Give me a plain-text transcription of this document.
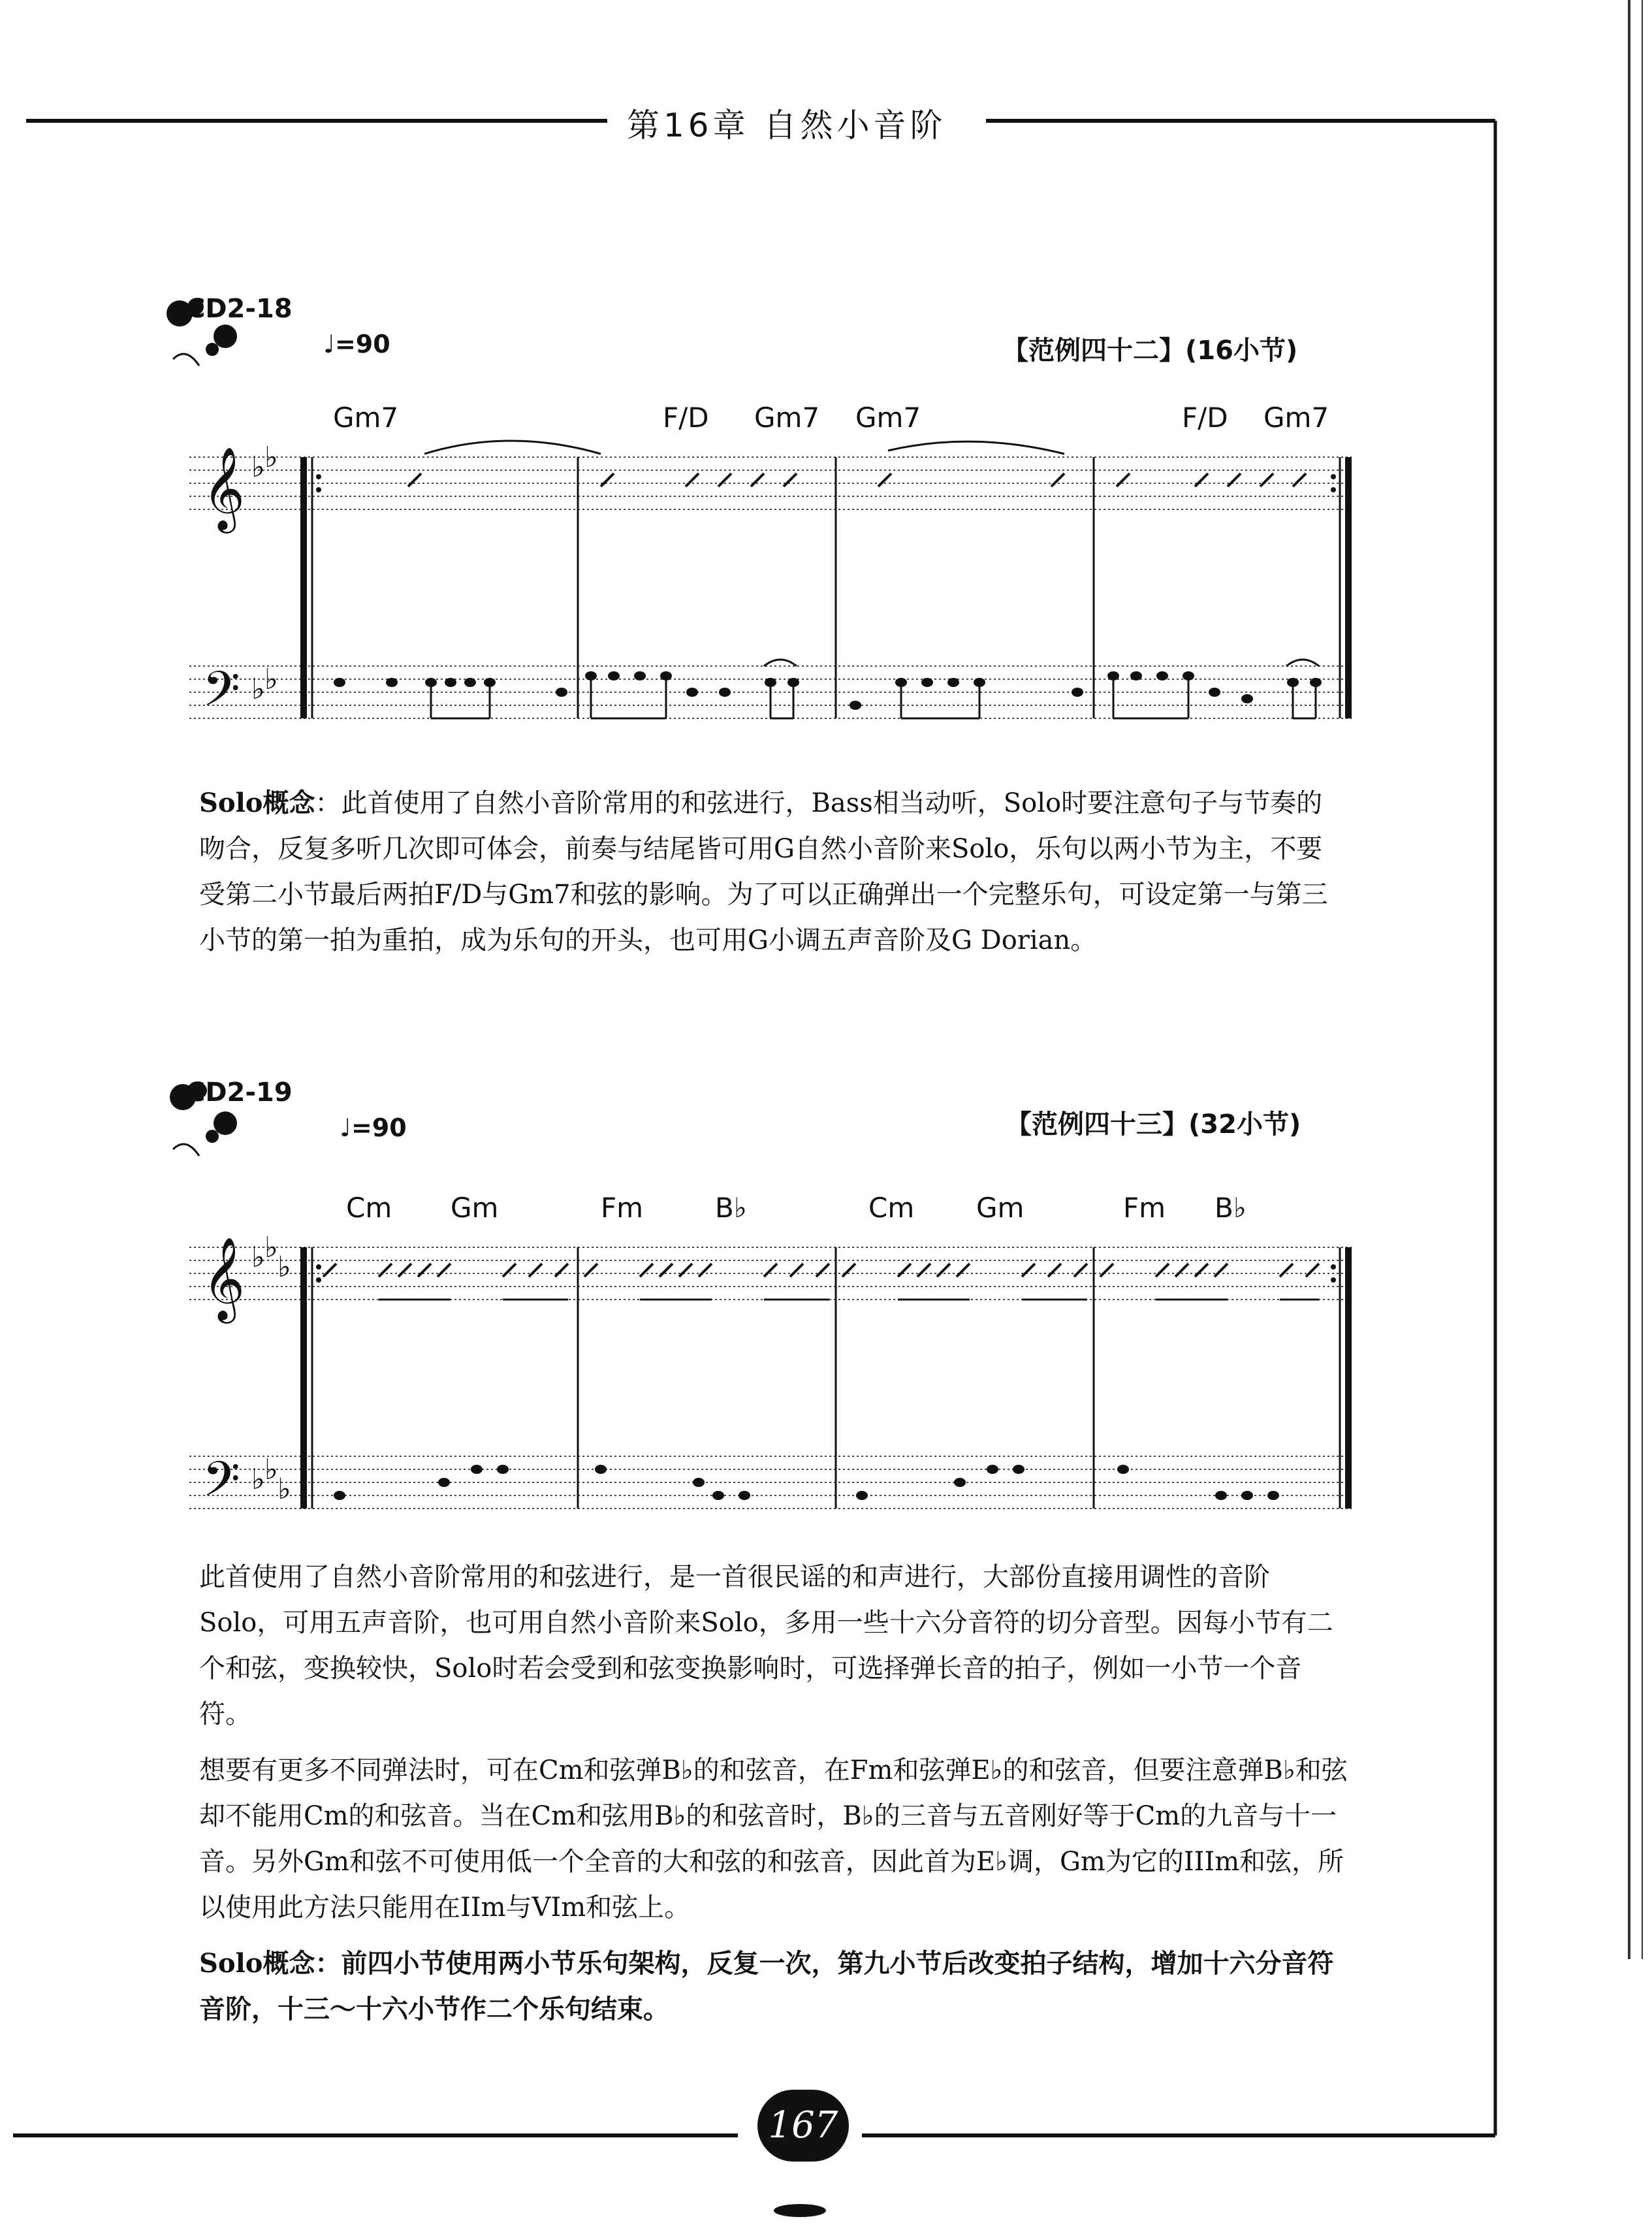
第16章 自然小音阶
CD2-18
♩=90	【范例四十二】(16小节)
Gm7	F/D Gm7 Gm7	F/D Gm7
𝄞 ♭ ♭
𝄢 ♭ ♭

Solo概念：此首使用了自然小音阶常用的和弦进行，Bass相当动听，Solo时要注意句子与节奏的吻合，反复多听几次即可体会，前奏与结尾皆可用G自然小音阶来Solo，乐句以两小节为主，不要受第二小节最后两拍F/D与Gm7和弦的影响。为了可以正确弹出一个完整乐句，可设定第一与第三小节的第一拍为重拍，成为乐句的开头，也可用G小调五声音阶及G Dorian。

CD2-19
♩=90	【范例四十三】(32小节)
Cm Gm	Fm	B♭	Cm Gm	Fm B♭
𝄞 ♭ ♭
♭
𝄢 ♭ ♭
♭

此首使用了自然小音阶常用的和弦进行，是一首很民谣的和声进行，大部份直接用调性的音阶Solo，可用五声音阶，也可用自然小音阶来Solo，多用一些十六分音符的切分音型。因每小节有二个和弦，变换较快，Solo时若会受到和弦变换影响时，可选择弹长音的拍子，例如一小节一个音符。

想要有更多不同弹法时，可在Cm和弦弹B♭的和弦音，在Fm和弦弹E♭的和弦音，但要注意弹B♭和弦却不能用Cm的和弦音。当在Cm和弦用B♭的和弦音时，B♭的三音与五音刚好等于Cm的九音与十一音。另外Gm和弦不可使用低一个全音的大和弦的和弦音，因此首为E♭调，Gm为它的IIIm和弦，所以使用此方法只能用在IIm与VIm和弦上。

Solo概念：前四小节使用两小节乐句架构，反复一次，第九小节后改变拍子结构，增加十六分音符音阶，十三～十六小节作二个乐句结束。

167
